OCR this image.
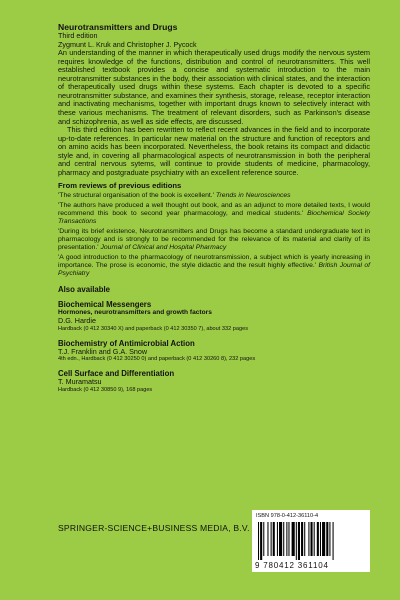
Neurotransmitters and Drugs
Third edition
Zygmunt L. Kruk and Christopher J. Pycock

An understanding of the manner in which therapeutically used drugs modify the nervous system requires knowledge of the functions, distribution and control of neurotransmitters. This well established textbook provides a concise and systematic introduction to the main neurotransmitter substances in the body, their association with clinical states, and the interaction of therapeutically used drugs within these systems. Each chapter is devoted to a specific neurotransmitter substance, and examines their synthesis, storage, release, receptor interaction and inactivating mechanisms, together with important drugs known to selectively interact with these various mechanisms. The treatment of relevant disorders, such as Parkinson's disease and schizophrenia, as well as side effects, are discussed.

This third edition has been rewritten to reflect recent advances in the field and to incorporate up-to-date references. In particular new material on the structure and function of receptors and on amino acids has been incorporated. Nevertheless, the book retains its compact and didactic style and, in covering all pharmacological aspects of neurotransmission in both the peripheral and central nervous sytems, will continue to provide students of medicine, pharmacology, pharmacy and postgraduate psychiatry with an excellent reference source.

From reviews of previous editions

'The structural organisation of the book is excellent.' Trends in Neurosciences

'The authors have produced a well thought out book, and as an adjunct to more detailed texts, I would recommend this book to second year pharmacology, and medical students.' Biochemical Society Transactions

'During its brief existence, Neurotransmitters and Drugs has become a standard undergraduate text in pharmacology and is strongly to be recommended for the relevance of its material and clarity of its presentation.' Journal of Clinical and Hospital Pharmacy

'A good introduction to the pharmacology of neurotransmission, a subject which is yearly increasing in importance. The prose is economic, the style didactic and the result highly effective.' British Journal of Psychiatry

Also available
Biochemical Messengers
Hormones, neurotransmitters and growth factors
D.G. Hardie
Hardback (0 412 30340 X) and paperback (0 412 30350 7), about 332 pages
Biochemistry of Antimicrobial Action
T.J. Franklin and G.A. Snow
4th edn., Hardback (0 412 30250 0) and paperback (0 412 30260 8), 232 pages
Cell Surface and Differentiation
T. Muramatsu
Hardback (0 412 30850 9), 168 pages
SPRINGER-SCIENCE+BUSINESS MEDIA, B.V.
ISBN 978-0-412-36110-4
9 780412 361104
